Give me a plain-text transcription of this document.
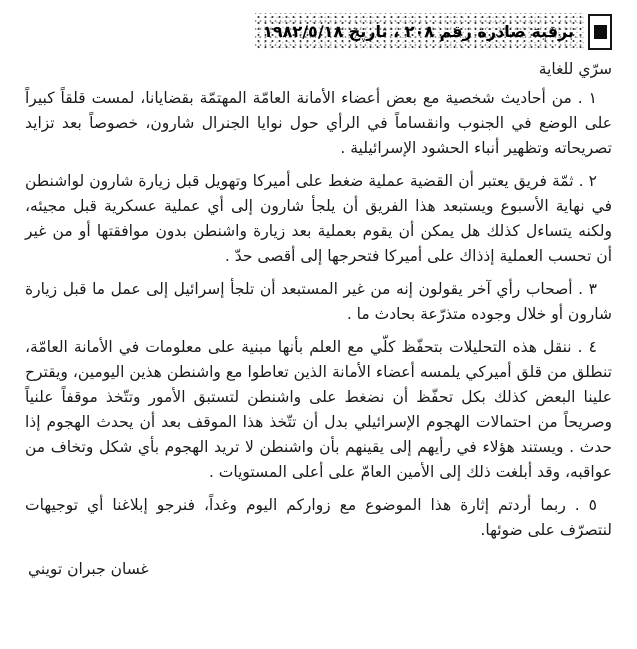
برقية صادرة رقم ٢٠٨ ، تاريخ ١٩٨٢/٥/١٨
سرّي للغاية

١ . من أحاديث شخصية مع بعض أعضاء الأمانة العامّة المهتمّة بقضايانا، لمست قلقاً كبيراً على الوضع في الجنوب وانقساماً في الرأي حول نوايا الجنرال شارون، خصوصاً بعد تزايد تصريحاته وتظهير أنباء الحشود الإسرائيلية .

٢ . ثمّة فريق يعتبر أن القضية عملية ضغط على أميركا وتهويل قبل زيارة شارون لواشنطن في نهاية الأسبوع ويستبعد هذا الفريق أن يلجأ شارون إلى أي عملية عسكرية قبل مجيئه، ولكنه يتساءل كذلك هل يمكن أن يقوم بعملية بعد زيارة واشنطن بدون موافقتها أو من غير أن تحسب العملية إذذاك على أميركا فتحرجها إلى أقصى حدّ .

٣ . أصحاب رأي آخر يقولون إنه من غير المستبعد أن تلجأ إسرائيل إلى عمل ما قبل زيارة شارون أو خلال وجوده متذرّعة بحادث ما .

٤ . ننقل هذه التحليلات بتحفّظ كلّي مع العلم بأنها مبنية على معلومات في الأمانة العامّة، تنطلق من قلق أميركي يلمسه أعضاء الأمانة الذين تعاطوا مع واشنطن هذين اليومين، ويقترح علينا البعض كذلك بكل تحفّظ أن نضغط على واشنطن لتستبق الأمور وتتّخذ موقفاً علنياً وصريحاً من احتمالات الهجوم الإسرائيلي بدل أن تتّخذ هذا الموقف بعد أن يحدث الهجوم إذا حدث . ويستند هؤلاء في رأيهم إلى يقينهم بأن واشنطن لا تريد الهجوم بأي شكل وتخاف من عواقبه، وقد أبلغت ذلك إلى الأمين العامّ على أعلى المستويات .

٥ . ربما أردتم إثارة هذا الموضوع مع زواركم اليوم وغداً، فنرجو إبلاغنا أي توجيهات لنتصرّف على ضوئها.

غسان جبران تويني
